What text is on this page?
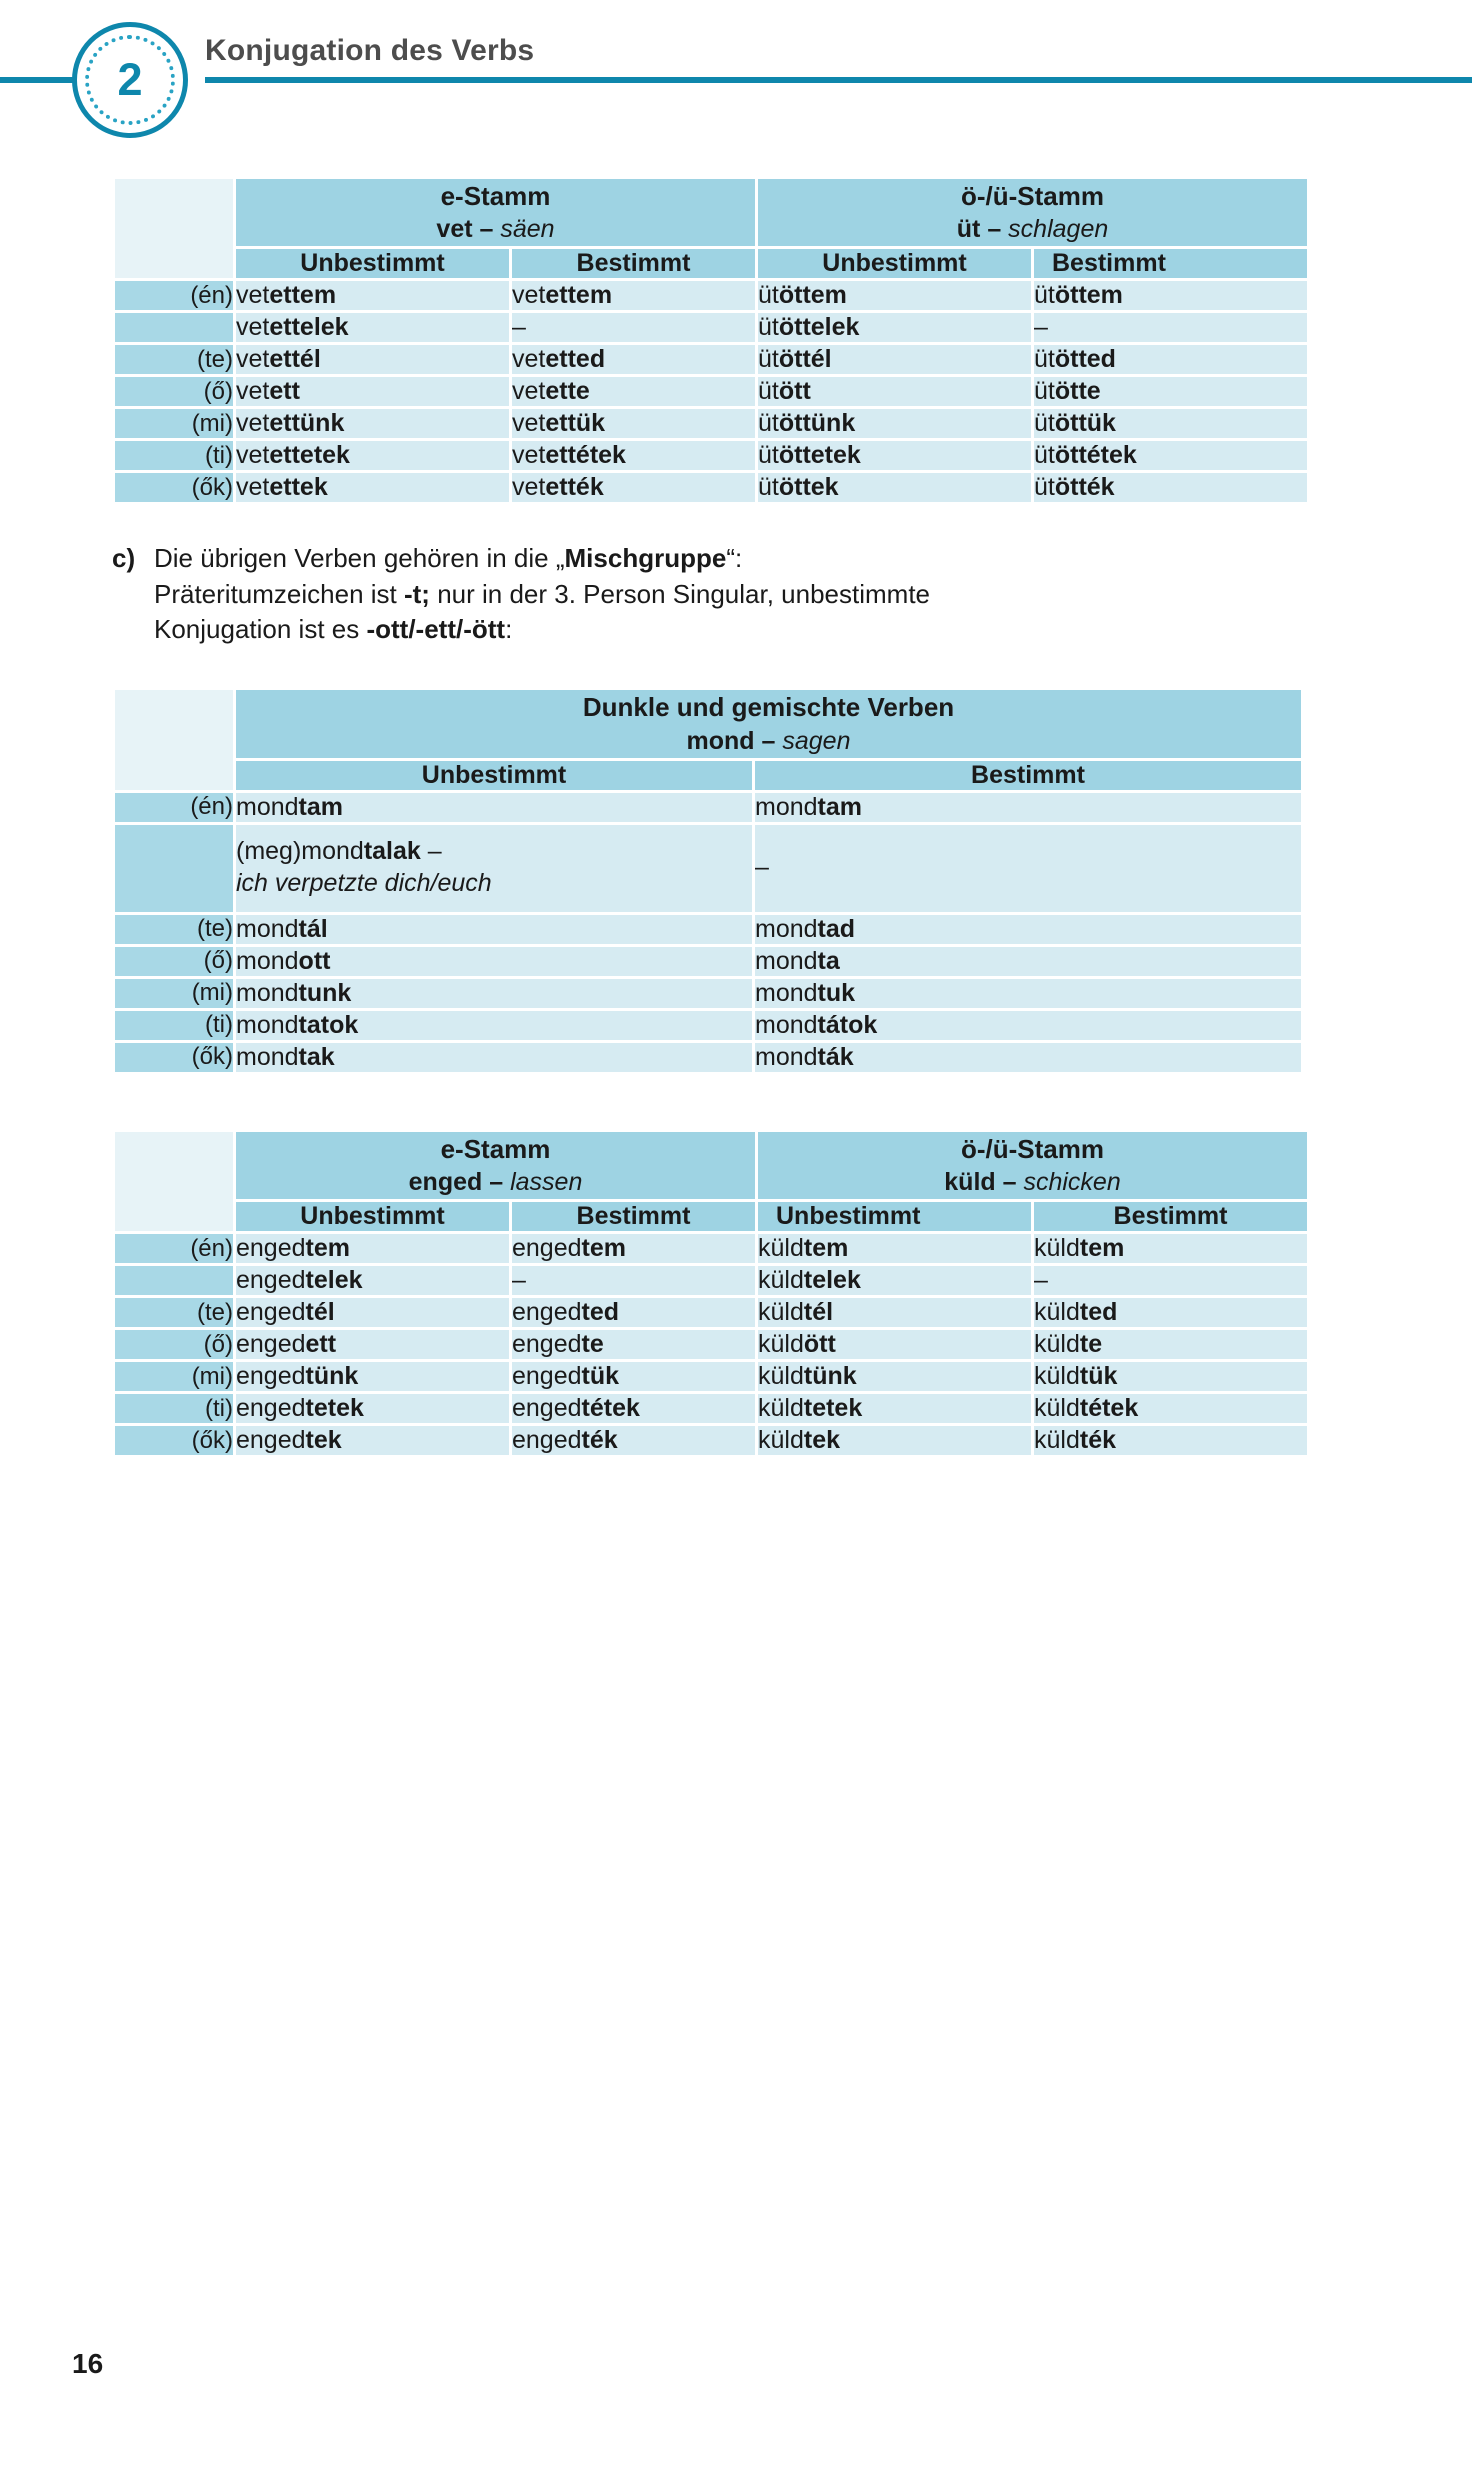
2
Konjugation des Verbs

e-Stamm
vet – säen

ö-/ü-Stamm
üt – schlagen

	Unbestimmt	Bestimmt	Unbestimmt	Bestimmt
(én)	vetettem	vetettem	ütöttem	ütöttem
	vetettelek	–	ütöttelek	–
(te)	vetettél	vetetted	ütöttél	ütötted
(ő)	vetett	vetette	ütött	ütötte
(mi)	vetettünk	vetettük	ütöttünk	ütöttük
(ti)	vetettetek	vetettétek	ütöttetek	ütöttétek
(ők)	vetettek	vetették	ütöttek	ütötték
c) Die übrigen Verben gehören in die „Mischgruppe“:
Präteritumzeichen ist -t; nur in der 3. Person Singular, unbestimmte
Konjugation ist es -ott/-ett/-ött:

	Dunkle und gemischte Verben
mond – sagen	

	Unbestimmt	Bestimmt
(én)	mondtam	mondtam
	(meg)mondtalak –
ich verpetzte dich/euch	–
(te)	mondtál	mondtad
(ő)	mondott	mondta
(mi)	mondtunk	mondtuk
(ti)	mondtatok	mondtátok
(ők)	mondtak	mondták

e-Stamm
enged – lassen

ö-/ü-Stamm
küld – schicken

	Unbestimmt	Bestimmt	Unbestimmt	Bestimmt
(én)	engedtem	engedtem	küldtem	küldtem
	engedtelek	–	küldtelek	–
(te)	engedtél	engedted	küldtél	küldted
(ő)	engedett	engedte	küldött	küldte
(mi)	engedtünk	engedtük	küldtünk	küldtük
(ti)	engedtetek	engedtétek	küldtetek	küldtétek
(ők)	engedtek	engedték	küldtek	küldték
16
